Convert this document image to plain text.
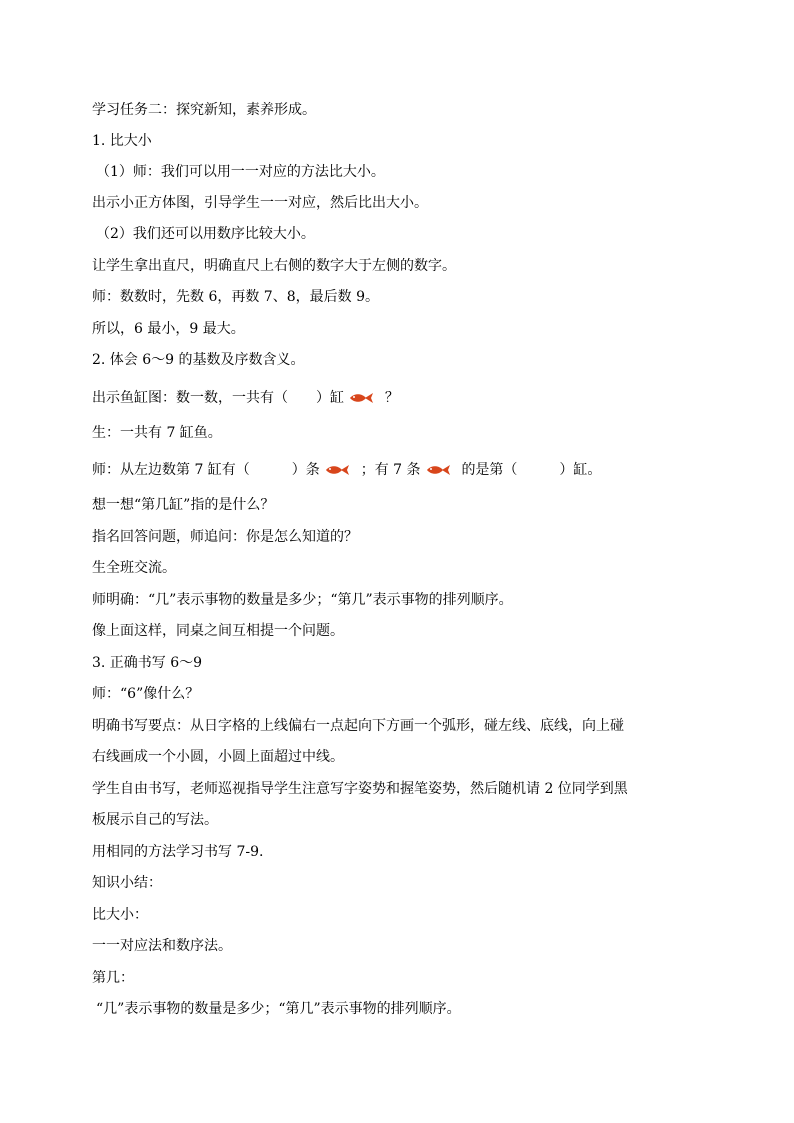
学习任务二：探究新知，素养形成。
1. 比大小
（1）师：我们可以用一一对应的方法比大小。
出示小正方体图，引导学生一一对应，然后比出大小。
（2）我们还可以用数序比较大小。
让学生拿出直尺，明确直尺上右侧的数字大于左侧的数字。
师：数数时，先数 6，再数 7、8，最后数 9。
所以，6 最小，9 最大。
2. 体会 6～9 的基数及序数含义。
出示鱼缸图：数一数，一共有（　　）缸	？
生：一共有 7 缸鱼。
师：从左边数第 7 缸有（　　　）条	；有 7 条	的是第（　　　）缸。
想一想“第几缸”指的是什么？
指名回答问题，师追问：你是怎么知道的？
生全班交流。
师明确：“几”表示事物的数量是多少；“第几”表示事物的排列顺序。
像上面这样，同桌之间互相提一个问题。
3. 正确书写 6～9
师：“6”像什么？
明确书写要点：从日字格的上线偏右一点起向下方画一个弧形，碰左线、底线，向上碰
右线画成一个小圆，小圆上面超过中线。
学生自由书写，老师巡视指导学生注意写字姿势和握笔姿势，然后随机请 2 位同学到黑
板展示自己的写法。
用相同的方法学习书写 7-9.
知识小结：
比大小：
一一对应法和数序法。
第几：
“几”表示事物的数量是多少；“第几”表示事物的排列顺序。
